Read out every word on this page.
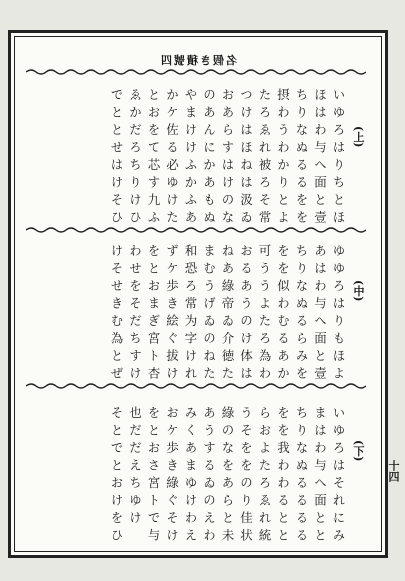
名假き積號四
(上)
いゆろはりちとほ
ほはわ与へ面と壹
ちりなぬるるをを
摂わうわかりとよ
たろゑれ被ろそ常
つけはほねは汲ゐ
おあらすはけのな
のあんにかあもぬ
やまけけふかふあ
かケ佐る必ゆけた
とおをて芯す九ふ
ゑかだろちりけひ
でととせはけそひ
(中)
ゆゆろはりもほよ
あはわ与へ面と壹
ちりなぬるらみを
をを似わむるあか
可ううよたろ為わ
おるあうのけ体は
ねあ綠帝ゐ介徳た
まむうげゐのねた
和恐ろ常为字けれ
ずケ歩き絵ぐ拔け
をとおまぎ宮ト杏
わせをそだちすけ
けそせきむ為とぜ
(下)
いゆろはそれにみ
まはわ与へ面とと
ちりなぬるるるる
をを我わわるとと
らおよたろゑれ統
うそををのり佳状
綠のなをあらと未
あうするゐのえわ
みくあまゆけわえ
おケ歩き綠ぐそけ
をとおさ宮トで与
也だだえちゆけ
そとでとおけをひ	十四
